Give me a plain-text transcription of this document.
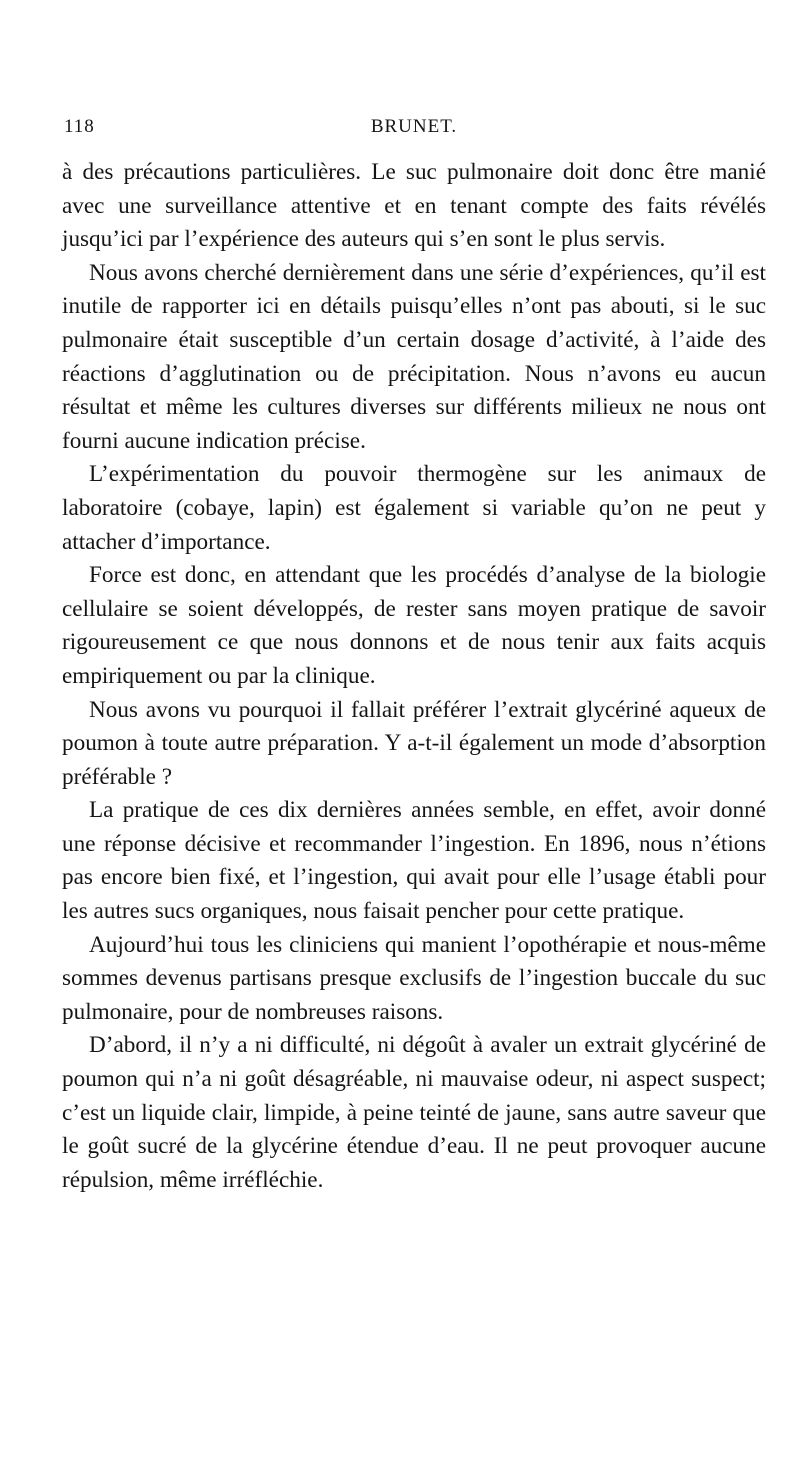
118	BRUNET.

à des précautions particulières. Le suc pulmonaire doit donc être manié avec une surveillance attentive et en tenant compte des faits révélés jusqu’ici par l’expérience des auteurs qui s’en sont le plus servis.

Nous avons cherché dernièrement dans une série d’expériences, qu’il est inutile de rapporter ici en détails puisqu’elles n’ont pas abouti, si le suc pulmonaire était susceptible d’un certain dosage d’activité, à l’aide des réactions d’agglutination ou de précipitation. Nous n’avons eu aucun résultat et même les cultures diverses sur différents milieux ne nous ont fourni aucune indication précise.

L’expérimentation du pouvoir thermogène sur les animaux de laboratoire (cobaye, lapin) est également si variable qu’on ne peut y attacher d’importance.

Force est donc, en attendant que les procédés d’analyse de la biologie cellulaire se soient développés, de rester sans moyen pratique de savoir rigoureusement ce que nous donnons et de nous tenir aux faits acquis empiriquement ou par la clinique.

Nous avons vu pourquoi il fallait préférer l’extrait glycériné aqueux de poumon à toute autre préparation. Y a-t-il également un mode d’absorption préférable ?

La pratique de ces dix dernières années semble, en effet, avoir donné une réponse décisive et recommander l’ingestion. En 1896, nous n’étions pas encore bien fixé, et l’ingestion, qui avait pour elle l’usage établi pour les autres sucs organiques, nous faisait pencher pour cette pratique.

Aujourd’hui tous les cliniciens qui manient l’opothérapie et nous-même sommes devenus partisans presque exclusifs de l’ingestion buccale du suc pulmonaire, pour de nombreuses raisons.

D’abord, il n’y a ni difficulté, ni dégoût à avaler un extrait glycériné de poumon qui n’a ni goût désagréable, ni mauvaise odeur, ni aspect suspect; c’est un liquide clair, limpide, à peine teinté de jaune, sans autre saveur que le goût sucré de la glycérine étendue d’eau. Il ne peut provoquer aucune répulsion, même irréfléchie.
